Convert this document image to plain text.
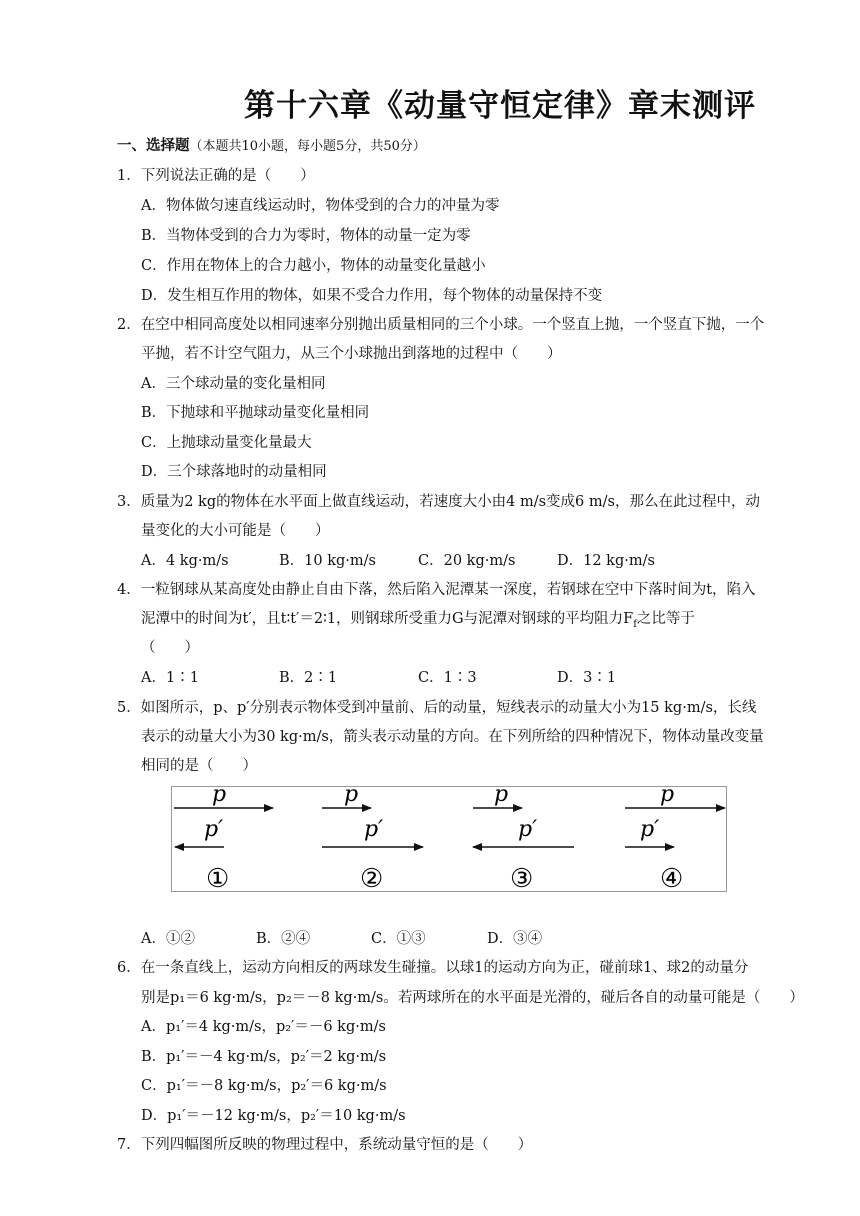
第十六章《动量守恒定律》章末测评
一、选择题（本题共10小题，每小题5分，共50分）
1．下列说法正确的是（　　）
A．物体做匀速直线运动时，物体受到的合力的冲量为零
B．当物体受到的合力为零时，物体的动量一定为零
C．作用在物体上的合力越小，物体的动量变化量越小
D．发生相互作用的物体，如果不受合力作用，每个物体的动量保持不变
2．在空中相同高度处以相同速率分别抛出质量相同的三个小球。一个竖直上抛，一个竖直下抛，一个
平抛，若不计空气阻力，从三个小球抛出到落地的过程中（　　）
A．三个球动量的变化量相同
B．下抛球和平抛球动量变化量相同
C．上抛球动量变化量最大
D．三个球落地时的动量相同
3．质量为2 kg的物体在水平面上做直线运动，若速度大小由4 m/s变成6 m/s，那么在此过程中，动
量变化的大小可能是（　　）
A．4 kg·m/s	B．10 kg·m/s	C．20 kg·m/s	D．12 kg·m/s
4．一粒钢球从某高度处由静止自由下落，然后陷入泥潭某一深度，若钢球在空中下落时间为t，陷入
泥潭中的时间为t′，且t∶t′＝2∶1，则钢球所受重力G与泥潭对钢球的平均阻力$F_f$之比等于
（　　）
A．1∶1	B．2∶1	C．1∶3	D．3∶1
5．如图所示，p、p′分别表示物体受到冲量前、后的动量，短线表示的动量大小为15 kg·m/s，长线
表示的动量大小为30 kg·m/s，箭头表示动量的方向。在下列所给的四种情况下，物体动量改变量
相同的是（　　）
p
p′
①
p
p′
②
p
p′
③
p
p′
④
A．①②	B．②④	C．①③	D．③④
6．在一条直线上，运动方向相反的两球发生碰撞。以球1的运动方向为正，碰前球1、球2的动量分
别是p₁＝6 kg·m/s，p₂＝－8 kg·m/s。若两球所在的水平面是光滑的，碰后各自的动量可能是（　　）
A．p₁′＝4 kg·m/s，p₂′＝－6 kg·m/s
B．p₁′＝－4 kg·m/s，p₂′＝2 kg·m/s
C．p₁′＝－8 kg·m/s，p₂′＝6 kg·m/s
D．p₁′＝－12 kg·m/s，p₂′＝10 kg·m/s
7．下列四幅图所反映的物理过程中，系统动量守恒的是（　　）
